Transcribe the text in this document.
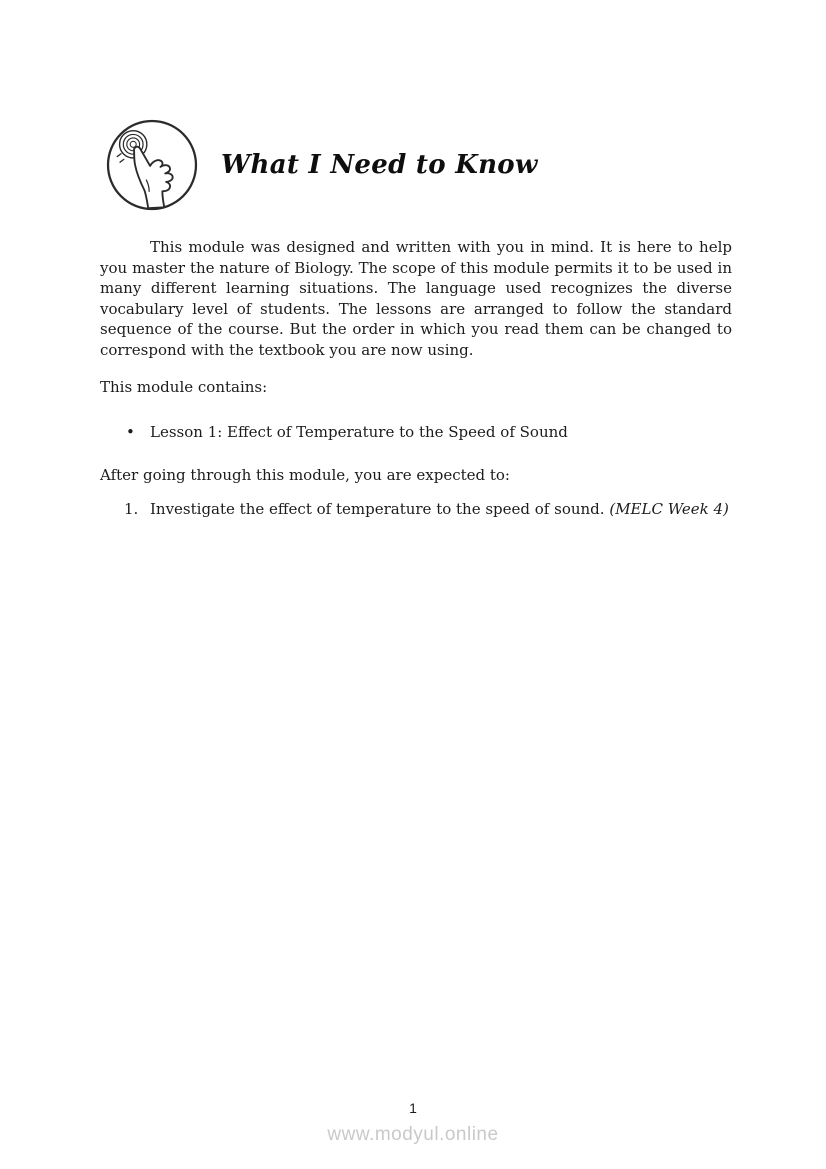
What I Need to Know

This module was designed and written with you in mind. It is here to help you master the nature of Biology. The scope of this module permits it to be used in many different learning situations. The language used recognizes the diverse vocabulary level of students. The lessons are arranged to follow the standard sequence of the course. But the order in which you read them can be changed to correspond with the textbook you are now using.

This module contains:

•	Lesson 1: Effect of Temperature to the Speed of Sound

After going through this module, you are expected to:

1. Investigate the effect of temperature to the speed of sound. (MELC Week 4)
1
www.modyul.online
